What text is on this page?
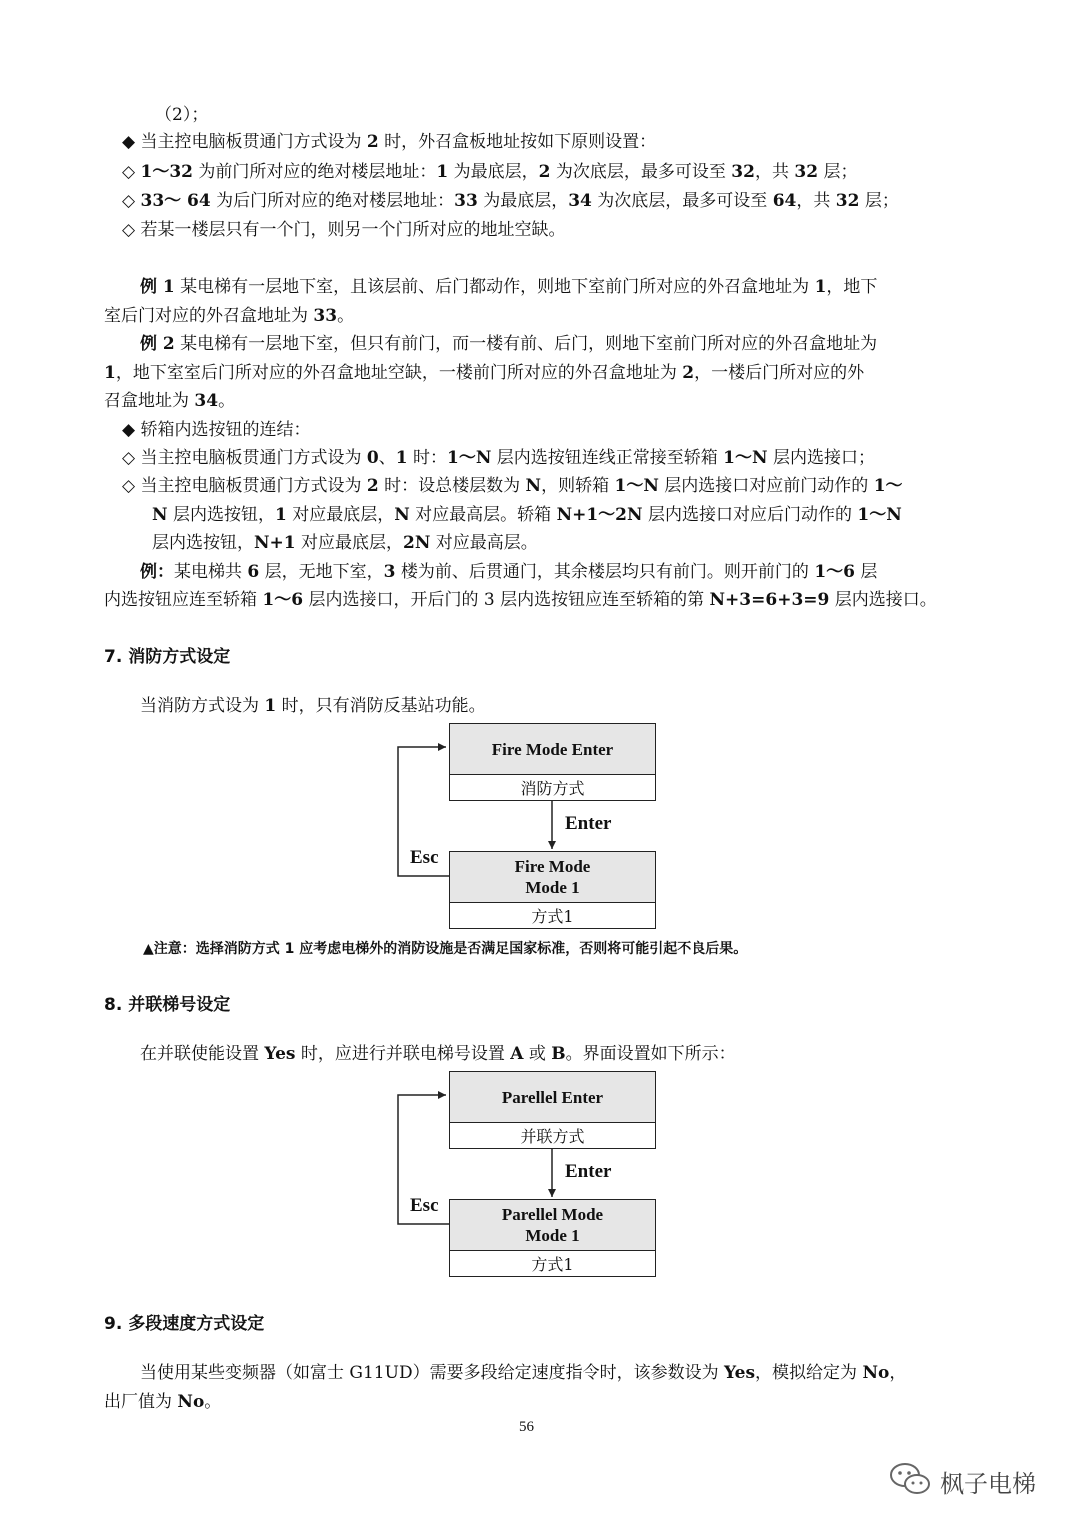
（2）；
◆ 当主控电脑板贯通门方式设为 2 时，外召盒板地址按如下原则设置：
◇ 1～32 为前门所对应的绝对楼层地址：1 为最底层，2 为次底层，最多可设至 32，共 32 层；
◇ 33～ 64 为后门所对应的绝对楼层地址：33 为最底层，34 为次底层，最多可设至 64，共 32 层；
◇ 若某一楼层只有一个门，则另一个门所对应的地址空缺。
例 1 某电梯有一层地下室，且该层前、后门都动作，则地下室前门所对应的外召盒地址为 1，地下
室后门对应的外召盒地址为 33。
例 2 某电梯有一层地下室，但只有前门，而一楼有前、后门，则地下室前门所对应的外召盒地址为
1，地下室室后门所对应的外召盒地址空缺，一楼前门所对应的外召盒地址为 2，一楼后门所对应的外
召盒地址为 34。
◆ 轿箱内选按钮的连结：
◇ 当主控电脑板贯通门方式设为 0、1 时：1～N 层内选按钮连线正常接至轿箱 1～N 层内选接口；
◇ 当主控电脑板贯通门方式设为 2 时：设总楼层数为 N，则轿箱 1～N 层内选接口对应前门动作的 1～
N 层内选按钮，1 对应最底层，N 对应最高层。轿箱 N+1～2N 层内选接口对应后门动作的 1～N
层内选按钮，N+1 对应最底层，2N 对应最高层。
例：某电梯共 6 层，无地下室，3 楼为前、后贯通门，其余楼层均只有前门。则开前门的 1～6 层
内选按钮应连至轿箱 1～6 层内选接口，开后门的 3 层内选按钮应连至轿箱的第 N+3=6+3=9 层内选接口。
7. 消防方式设定
当消防方式设为 1 时，只有消防反基站功能。
Fire Mode Enter
消防方式
Enter
Esc	Fire Mode
Mode 1
方式1
▲注意：选择消防方式 1 应考虑电梯外的消防设施是否满足国家标准，否则将可能引起不良后果。
8. 并联梯号设定
在并联使能设置 Yes 时，应进行并联电梯号设置 A 或 B。界面设置如下所示：
Parellel Enter
并联方式
Enter
Esc	Parellel Mode
Mode 1
方式1
9. 多段速度方式设定
当使用某些变频器（如富士 G11UD）需要多段给定速度指令时，该参数设为 Yes，模拟给定为 No，
出厂值为 No。
56
枫子电梯
